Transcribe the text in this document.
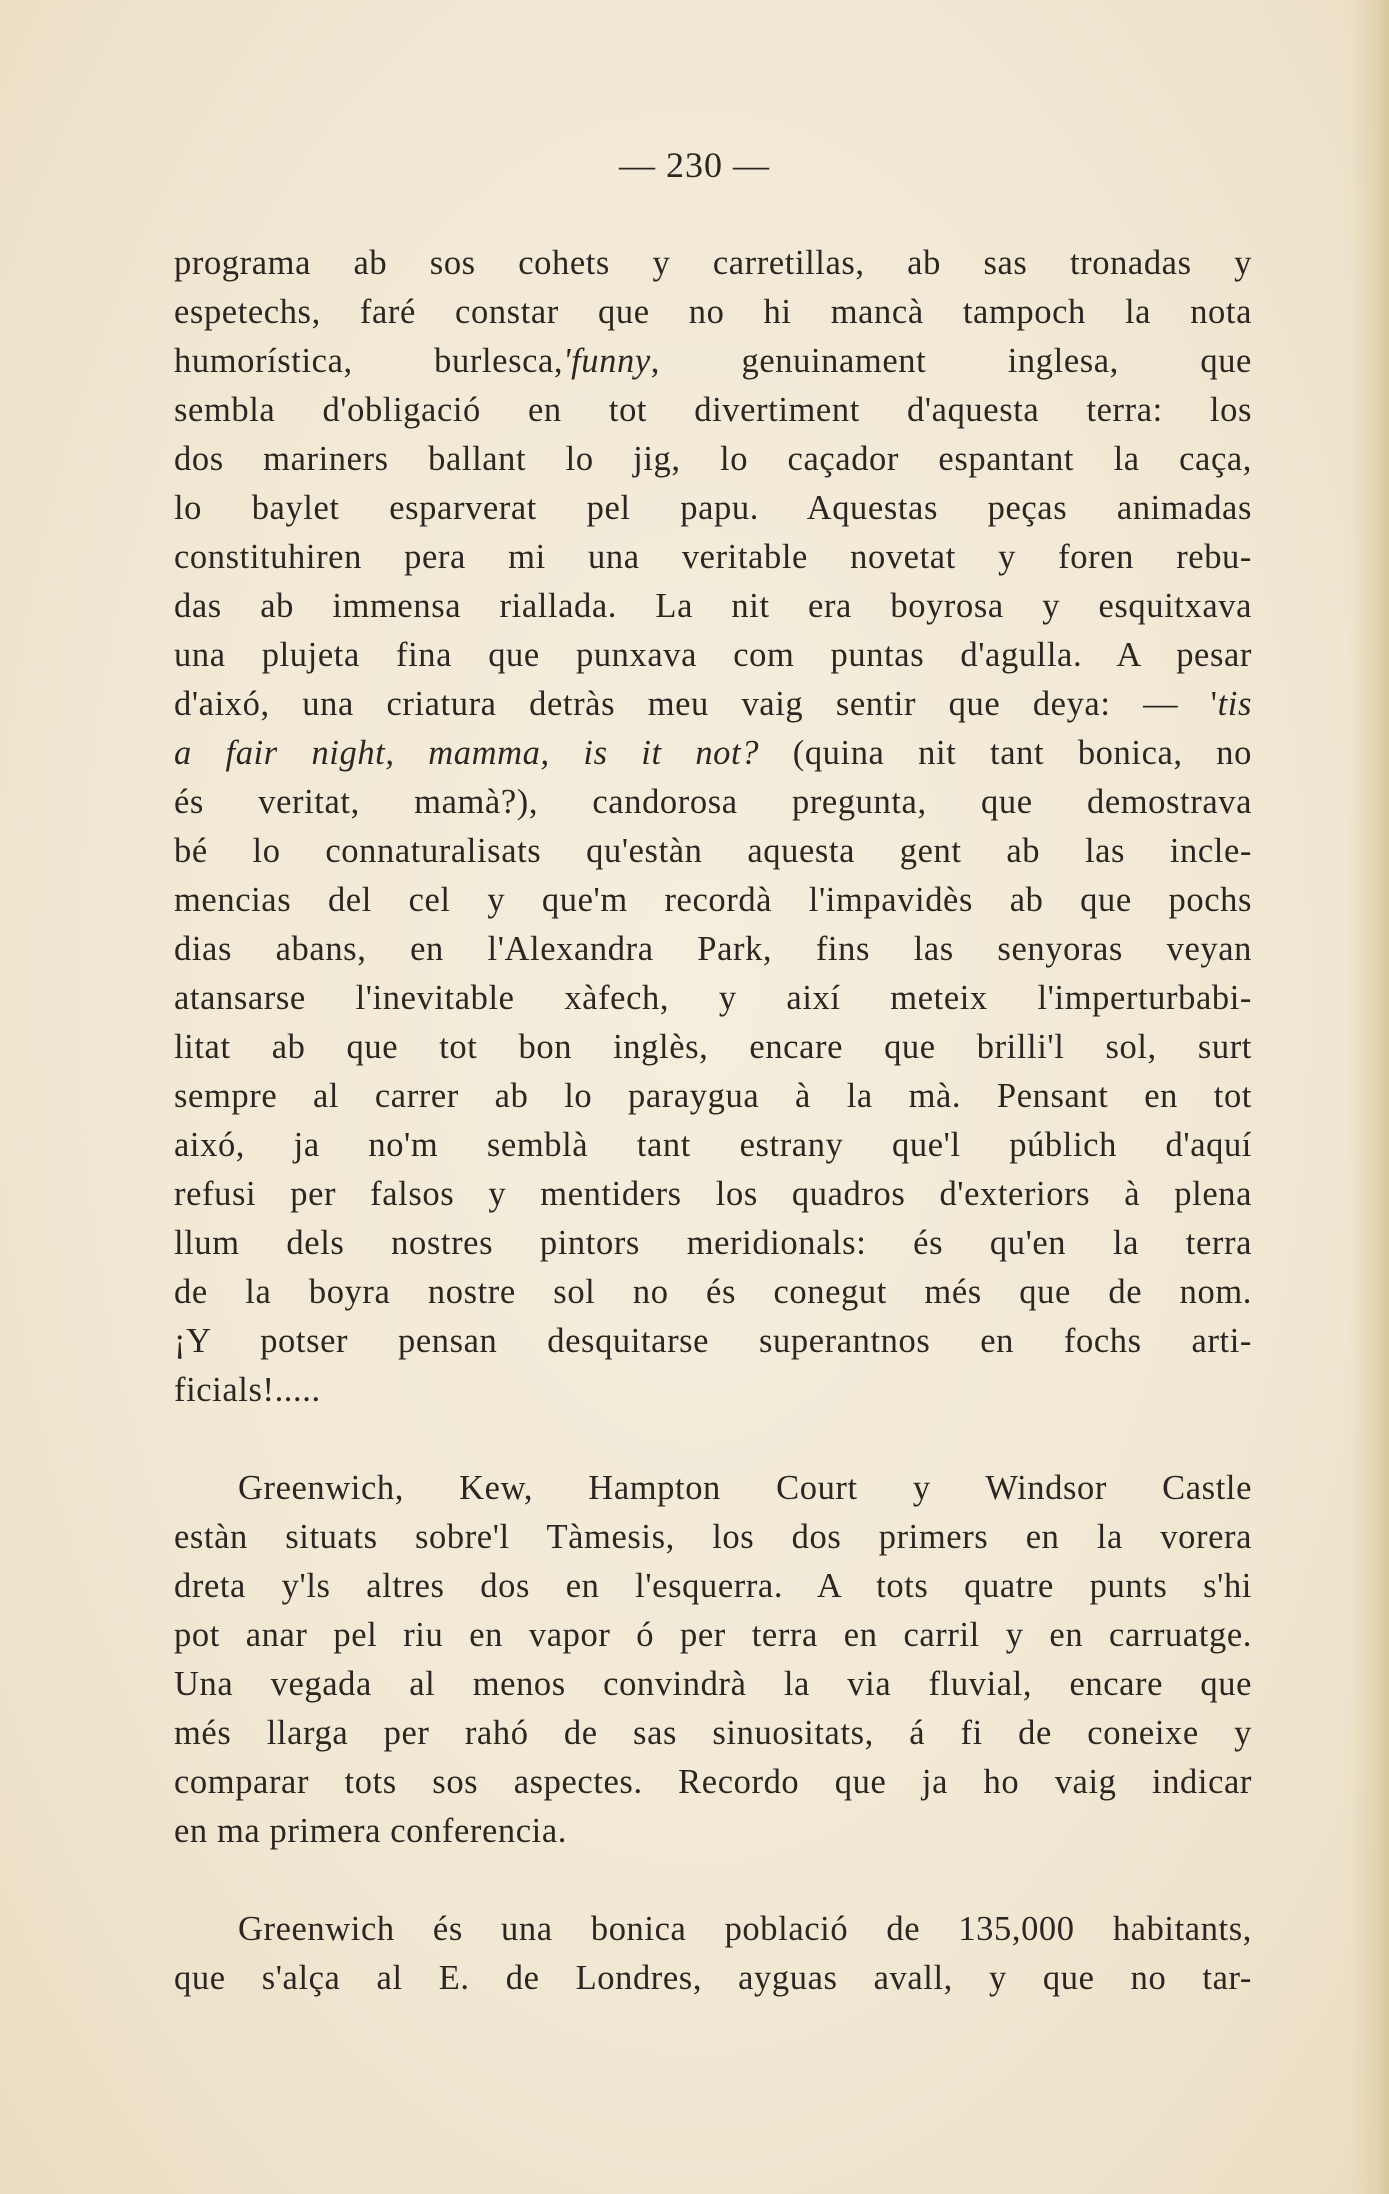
— 230 —
programa ab sos cohets y carretillas, ab sas tronadas y
espetechs, faré constar que no hi mancà tampoch la nota
humorística, burlesca,'funny, genuinament inglesa, que
sembla d'obligació en tot divertiment d'aquesta terra: los
dos mariners ballant lo jig, lo caçador espantant la caça,
lo baylet esparverat pel papu. Aquestas peças animadas
constituhiren pera mi una veritable novetat y foren rebu-
das ab immensa riallada. La nit era boyrosa y esquitxava
una plujeta fina que punxava com puntas d'agulla. A pesar
d'aixó, una criatura detràs meu vaig sentir que deya: — 'tis
a fair night, mamma, is it not? (quina nit tant bonica, no
és veritat, mamà?), candorosa pregunta, que demostrava
bé lo connaturalisats qu'estàn aquesta gent ab las incle-
mencias del cel y que'm recordà l'impavidès ab que pochs
dias abans, en l'Alexandra Park, fins las senyoras veyan
atansarse l'inevitable xàfech, y així meteix l'imperturbabi-
litat ab que tot bon inglès, encare que brilli'l sol, surt
sempre al carrer ab lo paraygua à la mà. Pensant en tot
aixó, ja no'm semblà tant estrany que'l públich d'aquí
refusi per falsos y mentiders los quadros d'exteriors à plena
llum dels nostres pintors meridionals: és qu'en la terra
de la boyra nostre sol no és conegut més que de nom.
¡Y potser pensan desquitarse superantnos en fochs arti-
ficials!.....
Greenwich, Kew, Hampton Court y Windsor Castle
estàn situats sobre'l Tàmesis, los dos primers en la vorera
dreta y'ls altres dos en l'esquerra. A tots quatre punts s'hi
pot anar pel riu en vapor ó per terra en carril y en carruatge.
Una vegada al menos convindrà la via fluvial, encare que
més llarga per rahó de sas sinuositats, á fi de coneixe y
comparar tots sos aspectes. Recordo que ja ho vaig indicar
en ma primera conferencia.
Greenwich és una bonica població de 135,000 habitants,
que s'alça al E. de Londres, ayguas avall, y que no tar-
